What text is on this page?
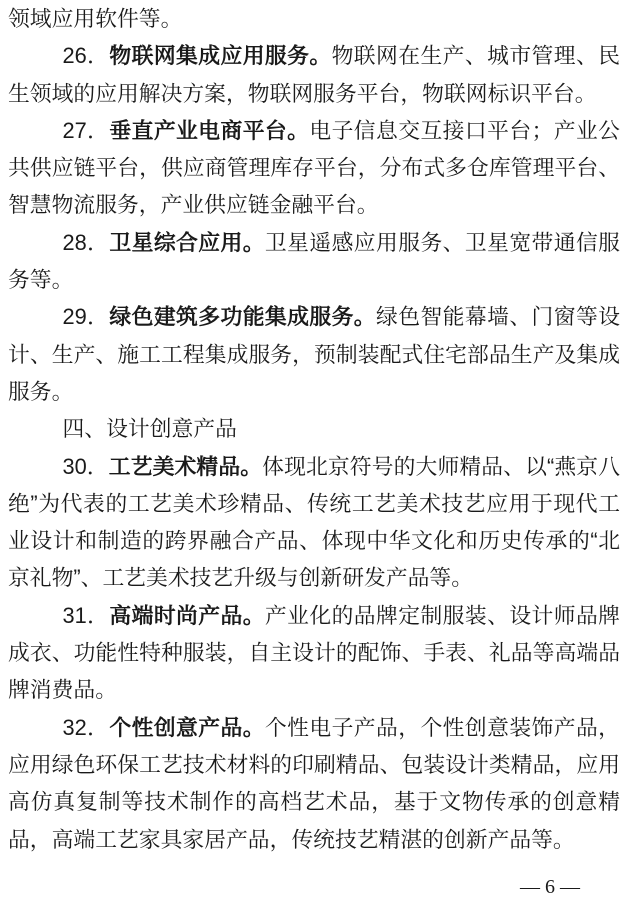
领域应用软件等。

26．物联网集成应用服务。物联网在生产、城市管理、民生领域的应用解决方案，物联网服务平台，物联网标识平台。

27．垂直产业电商平台。电子信息交互接口平台；产业公共供应链平台，供应商管理库存平台，分布式多仓库管理平台、智慧物流服务，产业供应链金融平台。

28．卫星综合应用。卫星遥感应用服务、卫星宽带通信服务等。

29．绿色建筑多功能集成服务。绿色智能幕墙、门窗等设计、生产、施工工程集成服务，预制装配式住宅部品生产及集成服务。

四、设计创意产品

30．工艺美术精品。体现北京符号的大师精品、以“燕京八绝”为代表的工艺美术珍精品、传统工艺美术技艺应用于现代工业设计和制造的跨界融合产品、体现中华文化和历史传承的“北京礼物”、工艺美术技艺升级与创新研发产品等。

31．高端时尚产品。产业化的品牌定制服装、设计师品牌成衣、功能性特种服装，自主设计的配饰、手表、礼品等高端品牌消费品。

32．个性创意产品。个性电子产品，个性创意装饰产品，应用绿色环保工艺技术材料的印刷精品、包装设计类精品，应用高仿真复制等技术制作的高档艺术品，基于文物传承的创意精品，高端工艺家具家居产品，传统技艺精湛的创新产品等。

— 6 —
